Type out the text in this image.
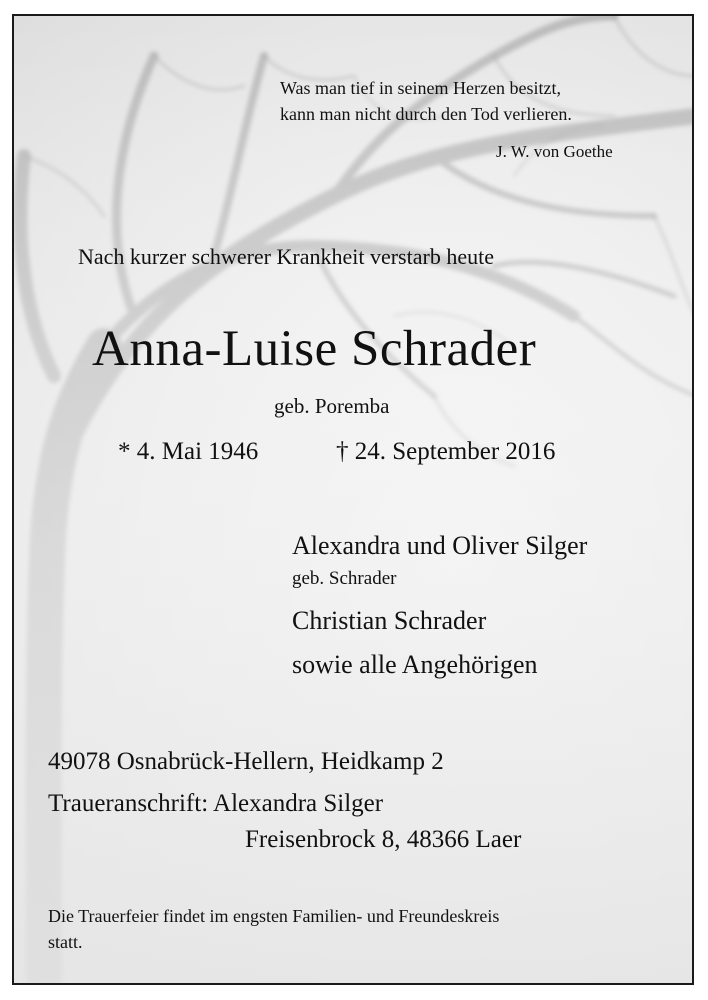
Was man tief in seinem Herzen besitzt,
kann man nicht durch den Tod verlieren.
J. W. von Goethe
Nach kurzer schwerer Krankheit verstarb heute
Anna-Luise Schrader
geb. Poremba
* 4. Mai 1946	† 24. September 2016
Alexandra und Oliver Silger
geb. Schrader
Christian Schrader
sowie alle Angehörigen
49078 Osnabrück-Hellern, Heidkamp 2
Traueranschrift: Alexandra Silger
Freisenbrock 8, 48366 Laer
Die Trauerfeier findet im engsten Familien- und Freundeskreis
statt.
